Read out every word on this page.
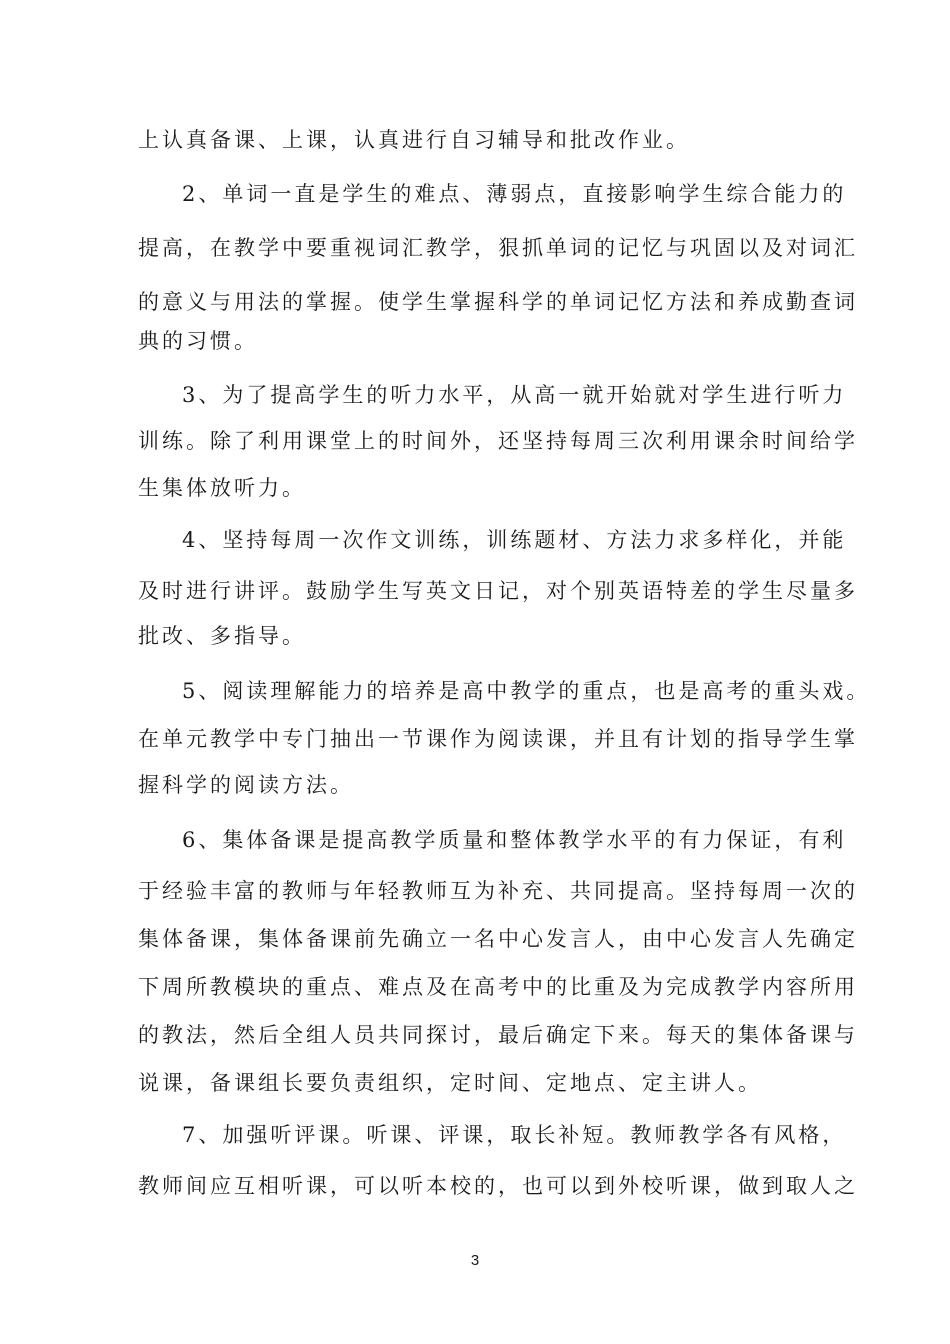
上认真备课、上课，认真进行自习辅导和批改作业。
2、单词一直是学生的难点、薄弱点，直接影响学生综合能力的
提高，在教学中要重视词汇教学，狠抓单词的记忆与巩固以及对词汇
的意义与用法的掌握。使学生掌握科学的单词记忆方法和养成勤查词
典的习惯。
3、为了提高学生的听力水平，从高一就开始就对学生进行听力
训练。除了利用课堂上的时间外，还坚持每周三次利用课余时间给学
生集体放听力。
4、坚持每周一次作文训练，训练题材、方法力求多样化，并能
及时进行讲评。鼓励学生写英文日记，对个别英语特差的学生尽量多
批改、多指导。
5、阅读理解能力的培养是高中教学的重点，也是高考的重头戏。
在单元教学中专门抽出一节课作为阅读课，并且有计划的指导学生掌
握科学的阅读方法。
6、集体备课是提高教学质量和整体教学水平的有力保证，有利
于经验丰富的教师与年轻教师互为补充、共同提高。坚持每周一次的
集体备课，集体备课前先确立一名中心发言人，由中心发言人先确定
下周所教模块的重点、难点及在高考中的比重及为完成教学内容所用
的教法，然后全组人员共同探讨，最后确定下来。每天的集体备课与
说课，备课组长要负责组织，定时间、定地点、定主讲人。
7、加强听评课。听课、评课，取长补短。教师教学各有风格，
教师间应互相听课，可以听本校的，也可以到外校听课，做到取人之
3
